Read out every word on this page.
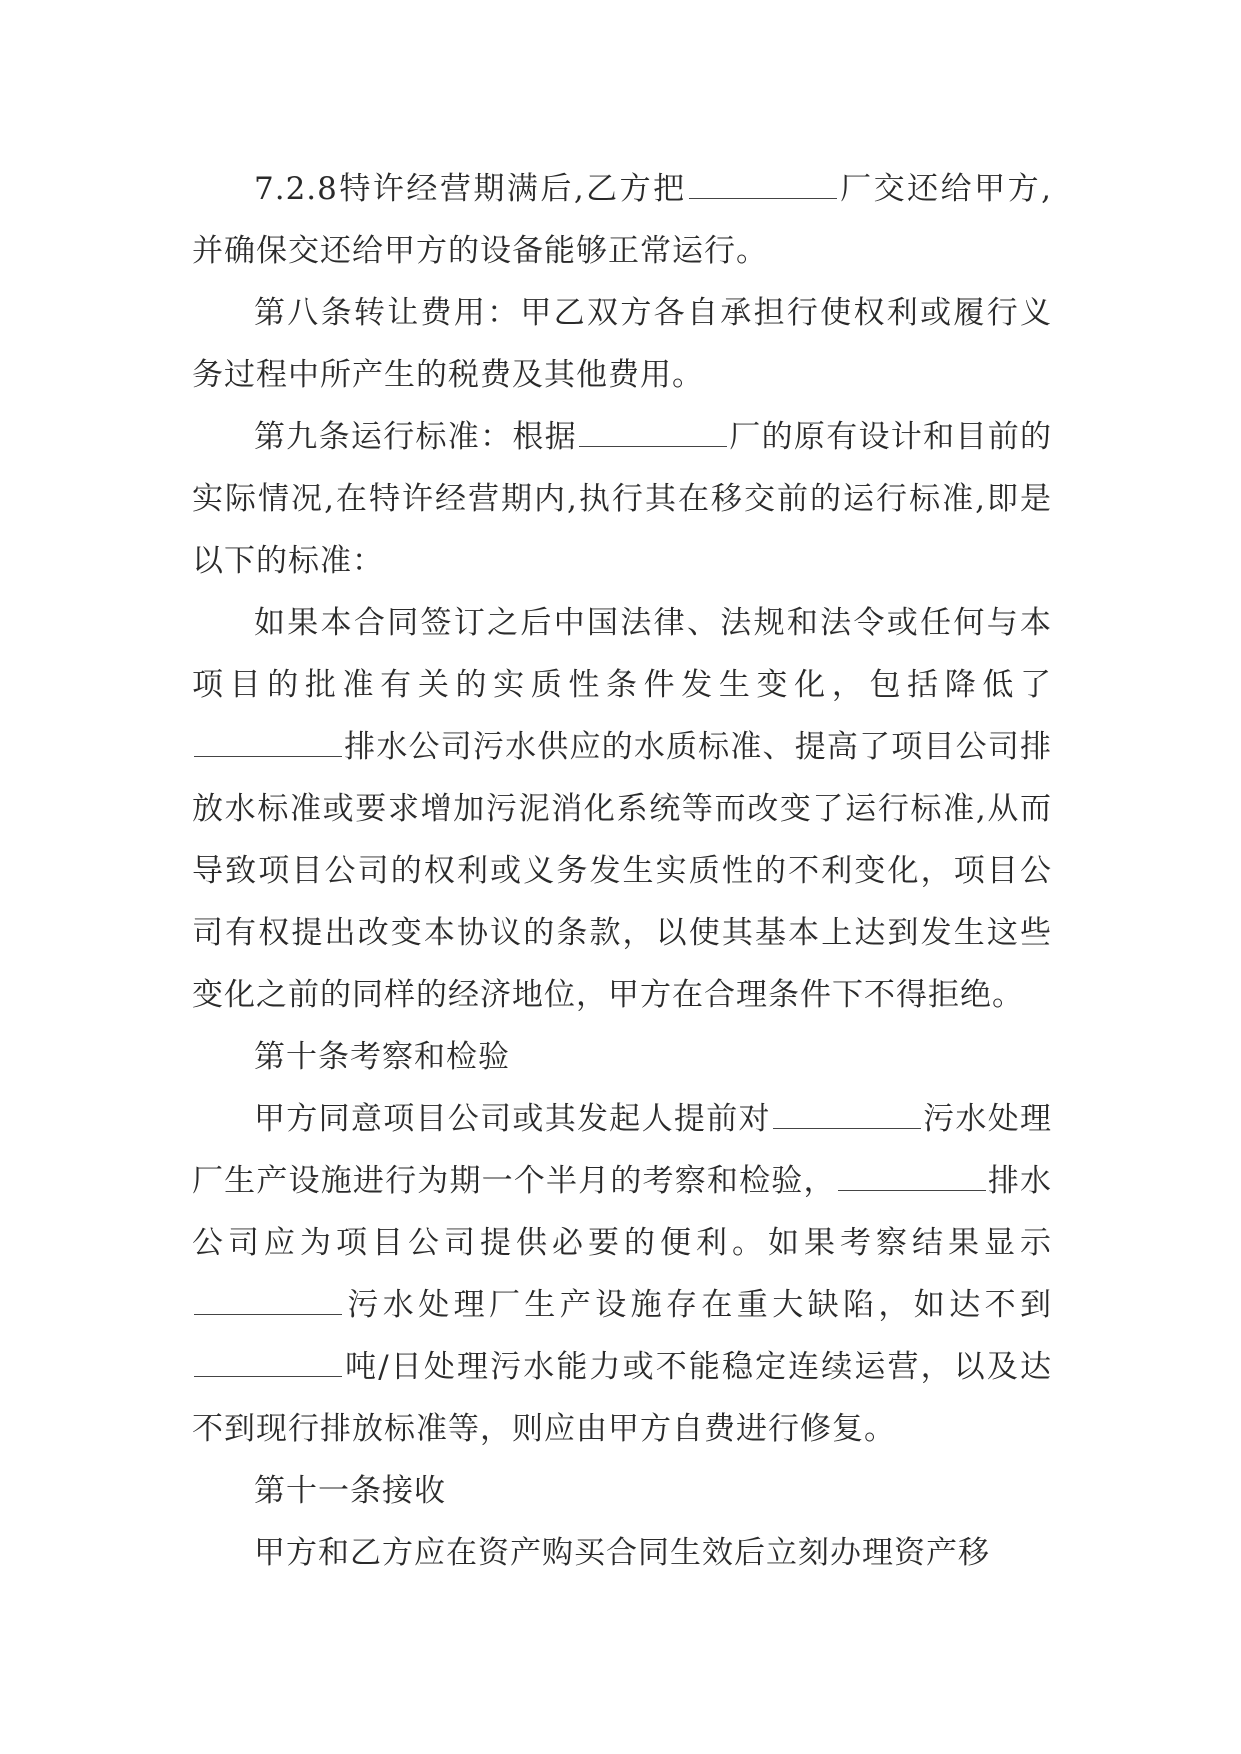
7.2.8特许经营期满后,乙方把	厂交还给甲方,并确保交还给甲方的设备能够正常运行。

第八条转让费用：甲乙双方各自承担行使权利或履行义务过程中所产生的税费及其他费用。

第九条运行标准：根据	厂的原有设计和目前的实际情况,在特许经营期内,执行其在移交前的运行标准,即是以下的标准：

如果本合同签订之后中国法律、法规和法令或任何与本项目的批准有关的实质性条件发生变化，包括降低了排水公司污水供应的水质标准、提高了项目公司排放水标准或要求增加污泥消化系统等而改变了运行标准,从而导致项目公司的权利或义务发生实质性的不利变化，项目公司有权提出改变本协议的条款，以使其基本上达到发生这些变化之前的同样的经济地位，甲方在合理条件下不得拒绝。

第十条考察和检验

甲方同意项目公司或其发起人提前对	污水处理厂生产设施进行为期一个半月的考察和检验，	排水公司应为项目公司提供必要的便利。如果考察结果显示污水处理厂生产设施存在重大缺陷，如达不到吨/日处理污水能力或不能稳定连续运营，以及达不到现行排放标准等，则应由甲方自费进行修复。

第十一条接收

甲方和乙方应在资产购买合同生效后立刻办理资产移
